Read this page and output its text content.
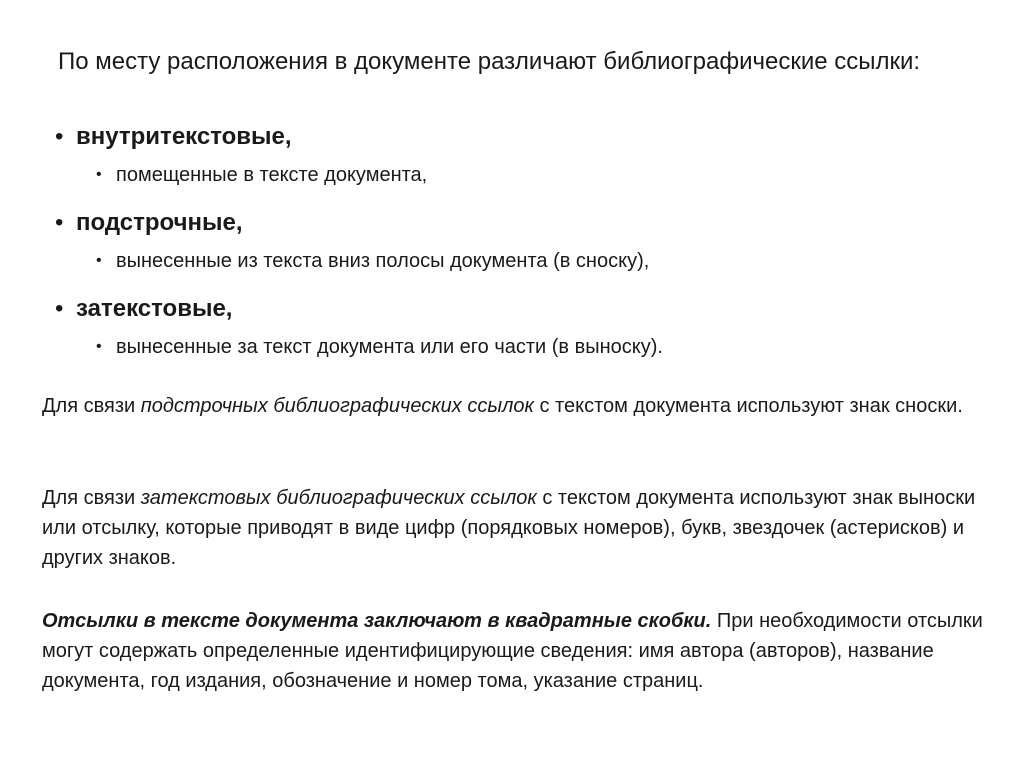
По месту расположения в документе различают библиографические ссылки:

• внутритекстовые,
• помещенные в тексте документа,
• подстрочные,
• вынесенные из текста вниз полосы документа (в сноску),
• затекстовые,
• вынесенные за текст документа или его части (в выноску).

Для связи подстрочных библиографических ссылок с текстом документа используют знак сноски.

Для связи затекстовых библиографических ссылок с текстом документа используют знак выноски или отсылку, которые приводят в виде цифр (порядковых номеров), букв, звездочек (астерисков) и других знаков.

Отсылки в тексте документа заключают в квадратные скобки. При необходимости отсылки могут содержать определенные идентифицирующие сведения: имя автора (авторов), название документа, год издания, обозначение и номер тома, указание страниц.
